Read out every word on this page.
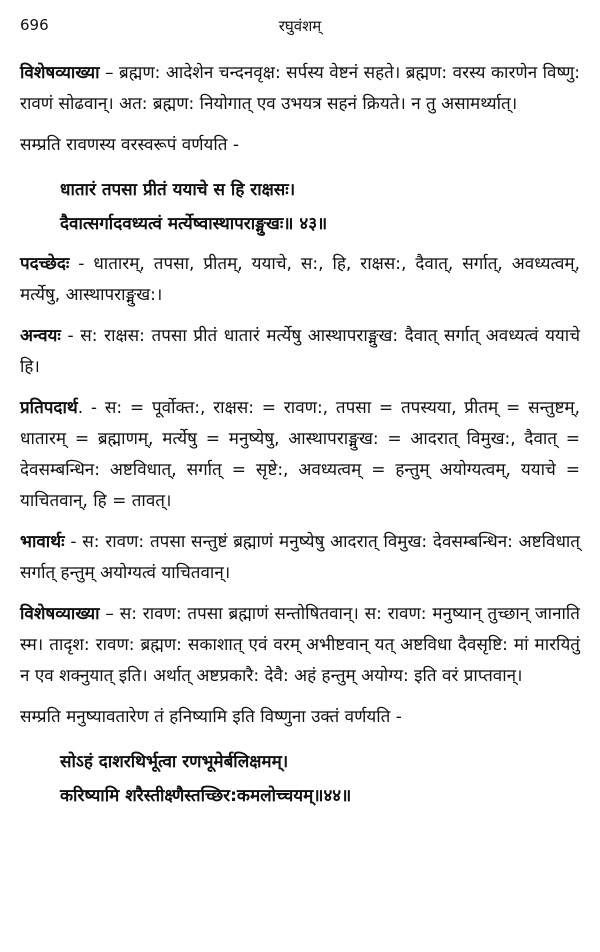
696	रघुवंशम्

विशेषव्याख्या – ब्रह्मण: आदेशेन चन्दनवृक्ष: सर्पस्य वेष्टनं सहते। ब्रह्मण: वरस्य कारणेन विष्णु: रावणं सोढवान्। अत: ब्रह्मण: नियोगात् एव उभयत्र सहनं क्रियते। न तु असामर्थ्यात्।

सम्प्रति रावणस्य वरस्वरूपं वर्णयति -

धातारं तपसा प्रीतं ययाचे स हि राक्षसः।
दैवात्सर्गादवध्यत्वं मर्त्येष्वास्थापराङ्मुखः॥ ४३॥

पदच्छेदः - धातारम्, तपसा, प्रीतम्, ययाचे, स:, हि, राक्षस:, दैवात्, सर्गात्, अवध्यत्वम्, मर्त्येषु, आस्थापराङ्मुख:।

अन्वयः - स: राक्षस: तपसा प्रीतं धातारं मर्त्येषु आस्थापराङ्मुख: दैवात् सर्गात् अवध्यत्वं ययाचे हि।

प्रतिपदार्थ. - स: = पूर्वोक्त:, राक्षस: = रावण:, तपसा = तपस्यया, प्रीतम् = सन्तुष्टम्, धातारम् = ब्रह्माणम्, मर्त्येषु = मनुष्येषु, आस्थापराङ्मुख: = आदरात् विमुख:, दैवात् = देवसम्बन्धिन: अष्टविधात्, सर्गात् = सृष्टे:, अवध्यत्वम् = हन्तुम् अयोग्यत्वम्, ययाचे = याचितवान्, हि = तावत्।

भावार्थः - स: रावण: तपसा सन्तुष्टं ब्रह्माणं मनुष्येषु आदरात् विमुख: देवसम्बन्धिन: अष्टविधात् सर्गात् हन्तुम् अयोग्यत्वं याचितवान्।

विशेषव्याख्या – स: रावण: तपसा ब्रह्माणं सन्तोषितवान्। स: रावण: मनुष्यान् तुच्छान् जानाति स्म। तादृश: रावण: ब्रह्मण: सकाशात् एवं वरम् अभीष्टवान् यत् अष्टविधा दैवसृष्टि: मां मारयितुं न एव शक्नुयात् इति। अर्थात् अष्टप्रकारै: देवै: अहं हन्तुम् अयोग्य: इति वरं प्राप्तवान्।

सम्प्रति मनुष्यावतारेण तं हनिष्यामि इति विष्णुना उक्तं वर्णयति -

सोऽहं दाशरथिर्भूत्वा रणभूमेर्बलिक्षमम्।
करिष्यामि शरैस्तीक्ष्णैस्तच्छिर:कमलोच्चयम्॥४४॥
